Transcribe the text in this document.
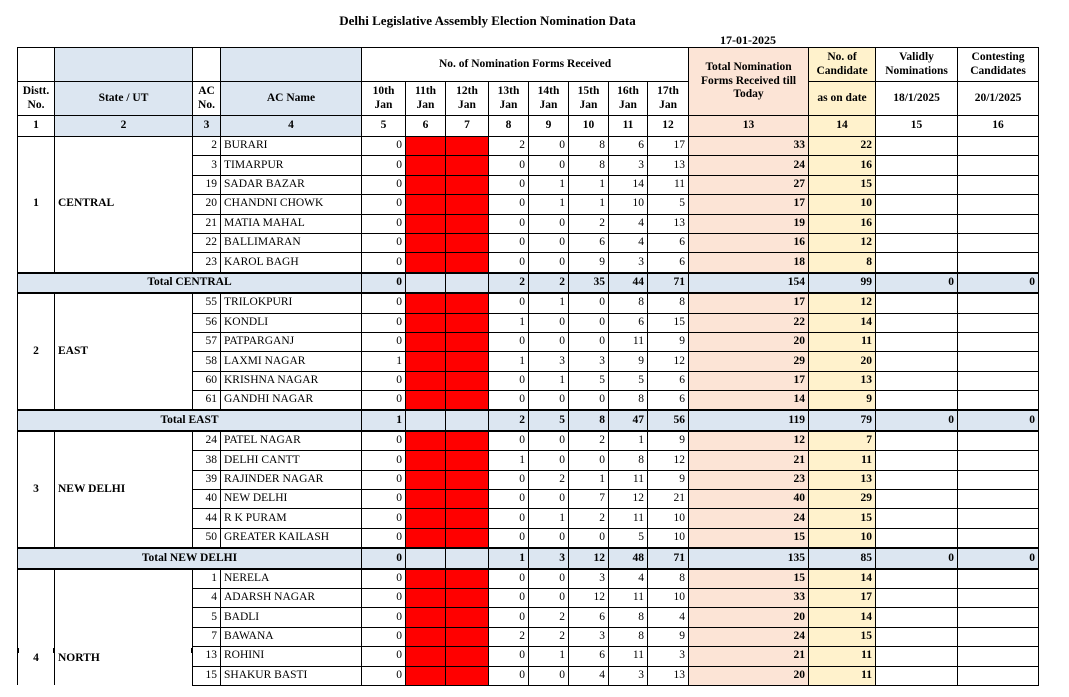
Delhi Legislative Assembly Election Nomination Data
17-01-2025
				No. of Nomination Forms Received								Total Nomination Forms Received till Today	No. of Candidate	Validly Nominations	Contesting Candidates
Distt. No.	State / UT	AC No.	AC Name	10th Jan	11th Jan	12th Jan	13th Jan	14th Jan	15th Jan	16th Jan	17th Jan		as on date	18/1/2025	20/1/2025
1	2	3	4	5	6	7	8	9	10	11	12	13	14	15	16

1	CENTRAL	2	BURARI	0			2	0	8	6	17	33	22		
		3	TIMARPUR	0			0	0	8	3	13	24	16		
		19	SADAR BAZAR	0			0	1	1	14	11	27	15		
		20	CHANDNI CHOWK	0			0	1	1	10	5	17	10		
		21	MATIA MAHAL	0			0	0	2	4	13	19	16		
		22	BALLIMARAN	0			0	0	6	4	6	16	12		
		23	KAROL BAGH	0			0	0	9	3	6	18	8		
Total CENTRAL				0			2	2	35	44	71	154	99	0	0

2	EAST	55	TRILOKPURI	0			0	1	0	8	8	17	12		
		56	KONDLI	0			1	0	0	6	15	22	14		
		57	PATPARGANJ	0			0	0	0	11	9	20	11		
		58	LAXMI NAGAR	1			1	3	3	9	12	29	20		
		60	KRISHNA NAGAR	0			0	1	5	5	6	17	13		
		61	GANDHI NAGAR	0			0	0	0	8	6	14	9		
Total EAST				1			2	5	8	47	56	119	79	0	0

3	NEW DELHI	24	PATEL NAGAR	0			0	0	2	1	9	12	7		
		38	DELHI CANTT	0			1	0	0	8	12	21	11		
		39	RAJINDER NAGAR	0			0	2	1	11	9	23	13		
		40	NEW DELHI	0			0	0	7	12	21	40	29		
		44	R K PURAM	0			0	1	2	11	10	24	15		
		50	GREATER KAILASH	0			0	0	0	5	10	15	10		
Total NEW DELHI				0			1	3	12	48	71	135	85	0	0

4	NORTH	1	NERELA	0			0	0	3	4	8	15	14		
		4	ADARSH NAGAR	0			0	0	12	11	10	33	17		
		5	BADLI	0			0	2	6	8	4	20	14		
		7	BAWANA	0			2	2	3	8	9	24	15		
		13	ROHINI	0			0	1	6	11	3	21	11		
		15	SHAKUR BASTI	0			0	0	4	3	13	20	11		
